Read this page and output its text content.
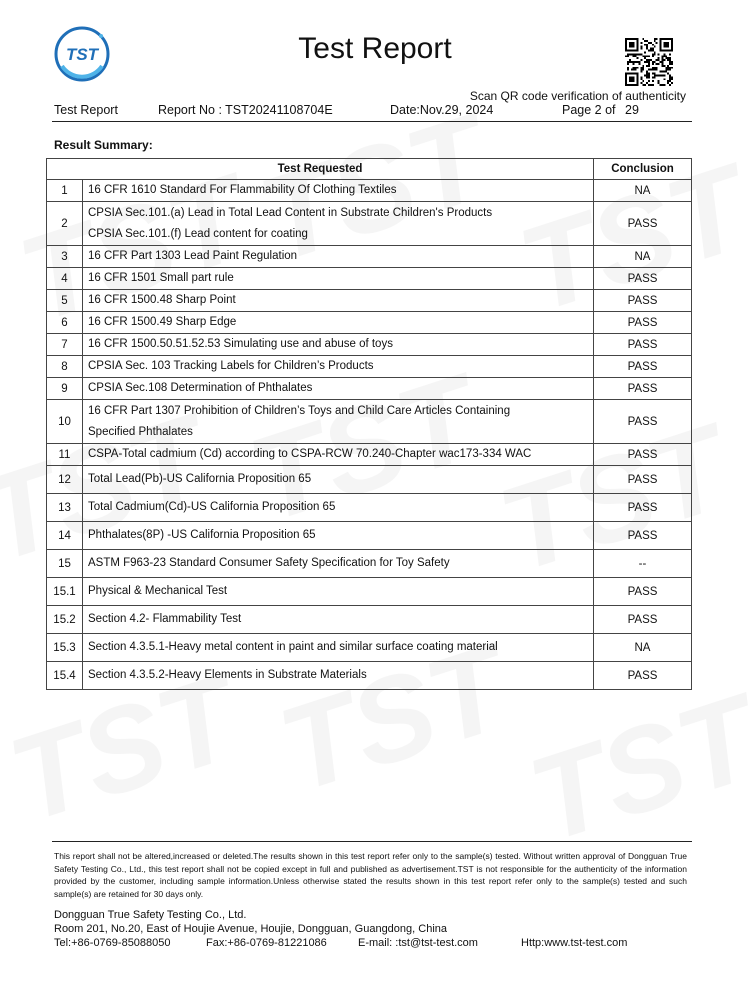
TST	Test Report
Scan QR code verification of authenticity
Test Report	Report No : TST20241108704E	Date:Nov.29, 2024	Page 2 of 29
Result Summary:
Test Requested		Conclusion
1	16 CFR 1610 Standard For Flammability Of Clothing Textiles	NA
2	CPSIA Sec.101.(a) Lead in Total Lead Content in Substrate Children's Products
CPSIA Sec.101.(f) Lead content for coating	PASS
3	16 CFR Part 1303 Lead Paint Regulation	NA
4	16 CFR 1501 Small part rule	PASS
5	16 CFR 1500.48 Sharp Point	PASS
6	16 CFR 1500.49 Sharp Edge	PASS
7	16 CFR 1500.50.51.52.53 Simulating use and abuse of toys	PASS
8	CPSIA Sec. 103 Tracking Labels for Children’s Products	PASS
9	CPSIA Sec.108 Determination of Phthalates	PASS
10	16 CFR Part 1307 Prohibition of Children’s Toys and Child Care Articles Containing
Specified Phthalates	PASS
11	CSPA-Total cadmium (Cd) according to CSPA-RCW 70.240-Chapter wac173-334 WAC	PASS
12	Total Lead(Pb)-US California Proposition 65	PASS
13	Total Cadmium(Cd)-US California Proposition 65	PASS
14	Phthalates(8P) -US California Proposition 65	PASS
15	ASTM F963-23 Standard Consumer Safety Specification for Toy Safety	--
15.1	Physical & Mechanical Test	PASS
15.2	Section 4.2- Flammability Test	PASS
15.3	Section 4.3.5.1-Heavy metal content in paint and similar surface coating material	NA
15.4	Section 4.3.5.2-Heavy Elements in Substrate Materials	PASS
This report shall not be altered,increased or deleted.The results shown in this test report refer only to the sample(s) tested. Without written approval of Dongguan True Safety Testing Co., Ltd., this test report shall not be copied except in full and published as advertisement.TST is not responsible for the authenticity of the information provided by the customer, including sample information.Unless otherwise stated the results shown in this test report refer only to the sample(s) tested and such sample(s) are retained for 30 days only.
Dongguan True Safety Testing Co., Ltd.
Room 201, No.20, East of Houjie Avenue, Houjie, Dongguan, Guangdong, China
Tel:+86-0769-85088050	Fax:+86-0769-81221086	E-mail: :tst@tst-test.com	Http:www.tst-test.com
